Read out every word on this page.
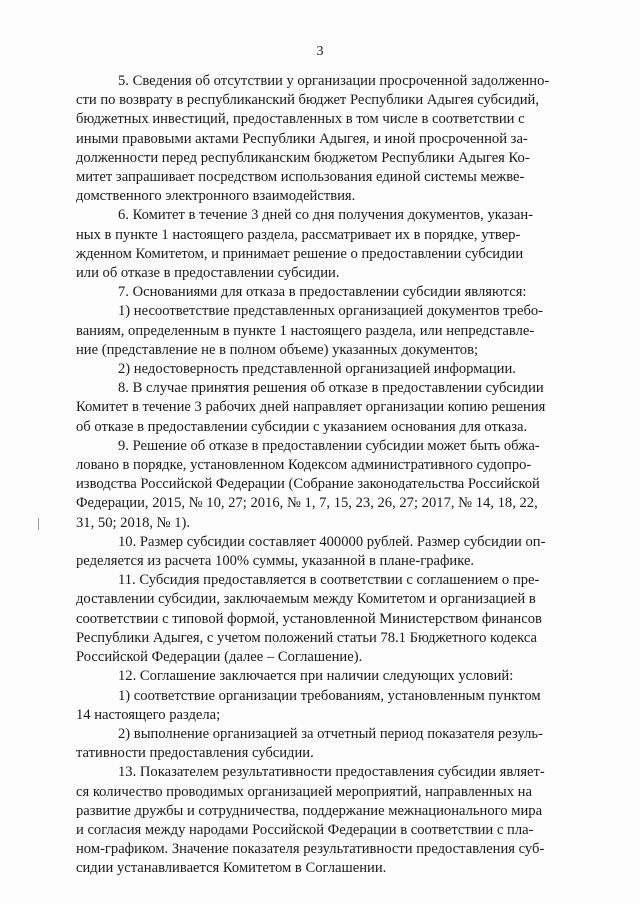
3

5. Сведения об отсутствии у организации просроченной задолженно-
сти по возврату в республиканский бюджет Республики Адыгея субсидий,
бюджетных инвестиций, предоставленных в том числе в соответствии с
иными правовыми актами Республики Адыгея, и иной просроченной за-
долженности перед республиканским бюджетом Республики Адыгея Ко-
митет запрашивает посредством использования единой системы межве-
домственного электронного взаимодействия.

6. Комитет в течение 3 дней со дня получения документов, указан-
ных в пункте 1 настоящего раздела, рассматривает их в порядке, утвер-
жденном Комитетом, и принимает решение о предоставлении субсидии
или об отказе в предоставлении субсидии.

7. Основаниями для отказа в предоставлении субсидии являются:

1) несоответствие представленных организацией документов требо-
ваниям, определенным в пункте 1 настоящего раздела, или непредставле-
ние (представление не в полном объеме) указанных документов;

2) недостоверность представленной организацией информации.

8. В случае принятия решения об отказе в предоставлении субсидии
Комитет в течение 3 рабочих дней направляет организации копию решения
об отказе в предоставлении субсидии с указанием основания для отказа.

9. Решение об отказе в предоставлении субсидии может быть обжа-
ловано в порядке, установленном Кодексом административного судопро-
изводства Российской Федерации (Собрание законодательства Российской
Федерации, 2015, № 10, 27; 2016, № 1, 7, 15, 23, 26, 27; 2017, № 14, 18, 22,
31, 50; 2018, № 1).

10. Размер субсидии составляет 400000 рублей. Размер субсидии оп-
ределяется из расчета 100% суммы, указанной в плане-графике.

11. Субсидия предоставляется в соответствии с соглашением о пре-
доставлении субсидии, заключаемым между Комитетом и организацией в
соответствии с типовой формой, установленной Министерством финансов
Республики Адыгея, с учетом положений статьи 78.1 Бюджетного кодекса
Российской Федерации (далее – Соглашение).

12. Соглашение заключается при наличии следующих условий:

1) соответствие организации требованиям, установленным пунктом
14 настоящего раздела;

2) выполнение организацией за отчетный период показателя резуль-
тативности предоставления субсидии.

13. Показателем результативности предоставления субсидии являет-
ся количество проводимых организацией мероприятий, направленных на
развитие дружбы и сотрудничества, поддержание межнационального мира
и согласия между народами Российской Федерации в соответствии с пла-
ном-графиком. Значение показателя результативности предоставления суб-
сидии устанавливается Комитетом в Соглашении.
